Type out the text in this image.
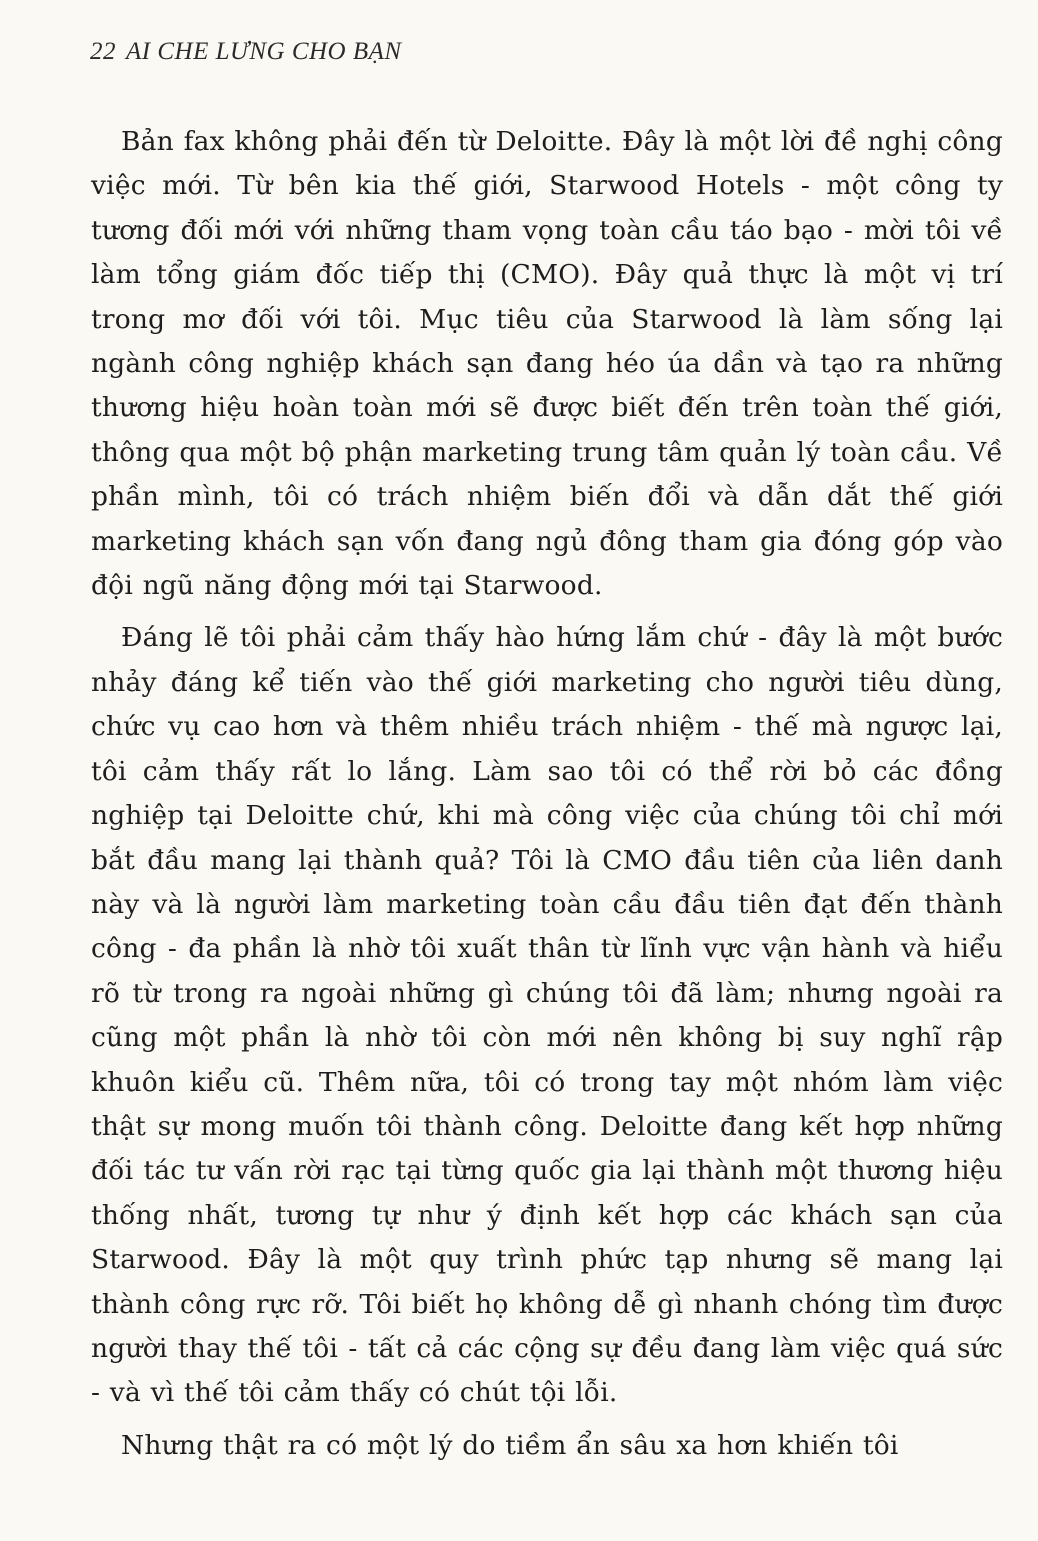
22 AI CHE LƯNG CHO BẠN

Bản fax không phải đến từ Deloitte. Đây là một lời đề nghị công việc mới. Từ bên kia thế giới, Starwood Hotels - một công ty tương đối mới với những tham vọng toàn cầu táo bạo - mời tôi về làm tổng giám đốc tiếp thị (CMO). Đây quả thực là một vị trí trong mơ đối với tôi. Mục tiêu của Starwood là làm sống lại ngành công nghiệp khách sạn đang héo úa dần và tạo ra những thương hiệu hoàn toàn mới sẽ được biết đến trên toàn thế giới, thông qua một bộ phận marketing trung tâm quản lý toàn cầu. Về phần mình, tôi có trách nhiệm biến đổi và dẫn dắt thế giới marketing khách sạn vốn đang ngủ đông tham gia đóng góp vào đội ngũ năng động mới tại Starwood.

Đáng lẽ tôi phải cảm thấy hào hứng lắm chứ - đây là một bước nhảy đáng kể tiến vào thế giới marketing cho người tiêu dùng, chức vụ cao hơn và thêm nhiều trách nhiệm - thế mà ngược lại, tôi cảm thấy rất lo lắng. Làm sao tôi có thể rời bỏ các đồng nghiệp tại Deloitte chứ, khi mà công việc của chúng tôi chỉ mới bắt đầu mang lại thành quả? Tôi là CMO đầu tiên của liên danh này và là người làm marketing toàn cầu đầu tiên đạt đến thành công - đa phần là nhờ tôi xuất thân từ lĩnh vực vận hành và hiểu rõ từ trong ra ngoài những gì chúng tôi đã làm; nhưng ngoài ra cũng một phần là nhờ tôi còn mới nên không bị suy nghĩ rập khuôn kiểu cũ. Thêm nữa, tôi có trong tay một nhóm làm việc thật sự mong muốn tôi thành công. Deloitte đang kết hợp những đối tác tư vấn rời rạc tại từng quốc gia lại thành một thương hiệu thống nhất, tương tự như ý định kết hợp các khách sạn của Starwood. Đây là một quy trình phức tạp nhưng sẽ mang lại thành công rực rỡ. Tôi biết họ không dễ gì nhanh chóng tìm được người thay thế tôi - tất cả các cộng sự đều đang làm việc quá sức - và vì thế tôi cảm thấy có chút tội lỗi.

Nhưng thật ra có một lý do tiềm ẩn sâu xa hơn khiến tôi
